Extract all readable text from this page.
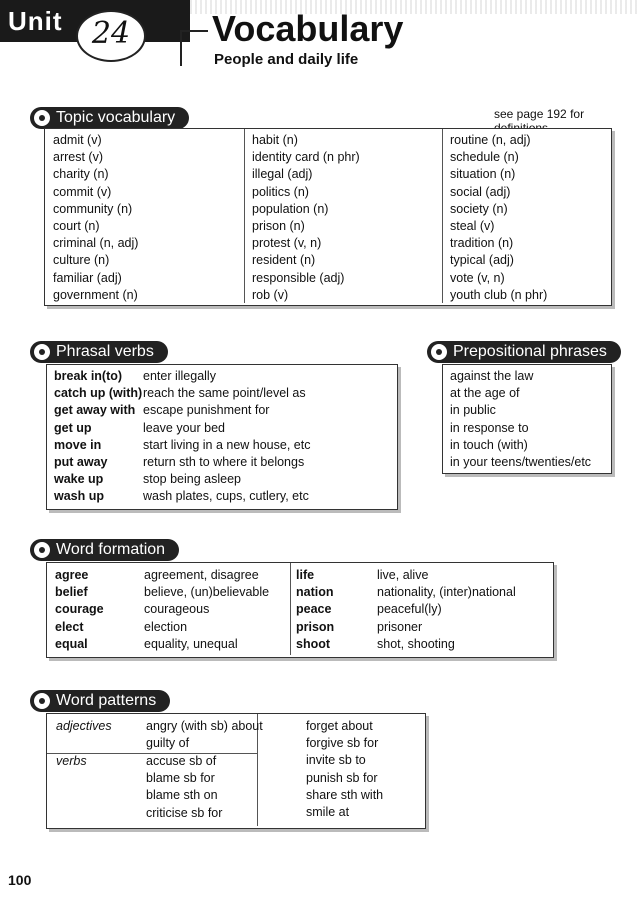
Unit 24	Vocabulary
People and daily life
Topic vocabulary	see page 192 for
admit (v)
arrest (v)
charity (n)
commit (v)
community (n)
court (n)
criminal (n, adj)
culture (n)
familiar (adj)
government (n)
habit (n)
identity card (n phr)
illegal (adj)
politics (n)
population (n)
prison (n)
protest (v, n)
resident (n)
responsible (adj)
rob (v)
routine (n, adj)
schedule (n)
situation (n)
social (adj)
society (n)
steal (v)
tradition (n)
typical (adj)
vote (v, n)
youth club (n phr)
Phrasal verbs
break in(to)
catch up (with)
get away with
get up
move in
put away
wake up
wash up
enter illegally
reach the same point/level as
escape punishment for
leave your bed
start living in a new house, etc
return sth to where it belongs
stop being asleep
wash plates, cups, cutlery, etc
Prepositional phrases
against the law
at the age of
in public
in response to
in touch (with)
in your teens/twenties/etc
Word formation
agree
belief
courage
elect
equal
agreement, disagree
believe, (un)believable
courageous
election
equality, unequal
life
nation
peace
prison
shoot
live, alive
nationality, (inter)national
peaceful(ly)
prisoner
shot, shooting
Word patterns
adjectives
verbs
angry (with sb) about
guilty of
accuse sb of
blame sb for
blame sth on
criticise sb for
forget about
forgive sb for
invite sb to
punish sb for
share sth with
smile at
100
